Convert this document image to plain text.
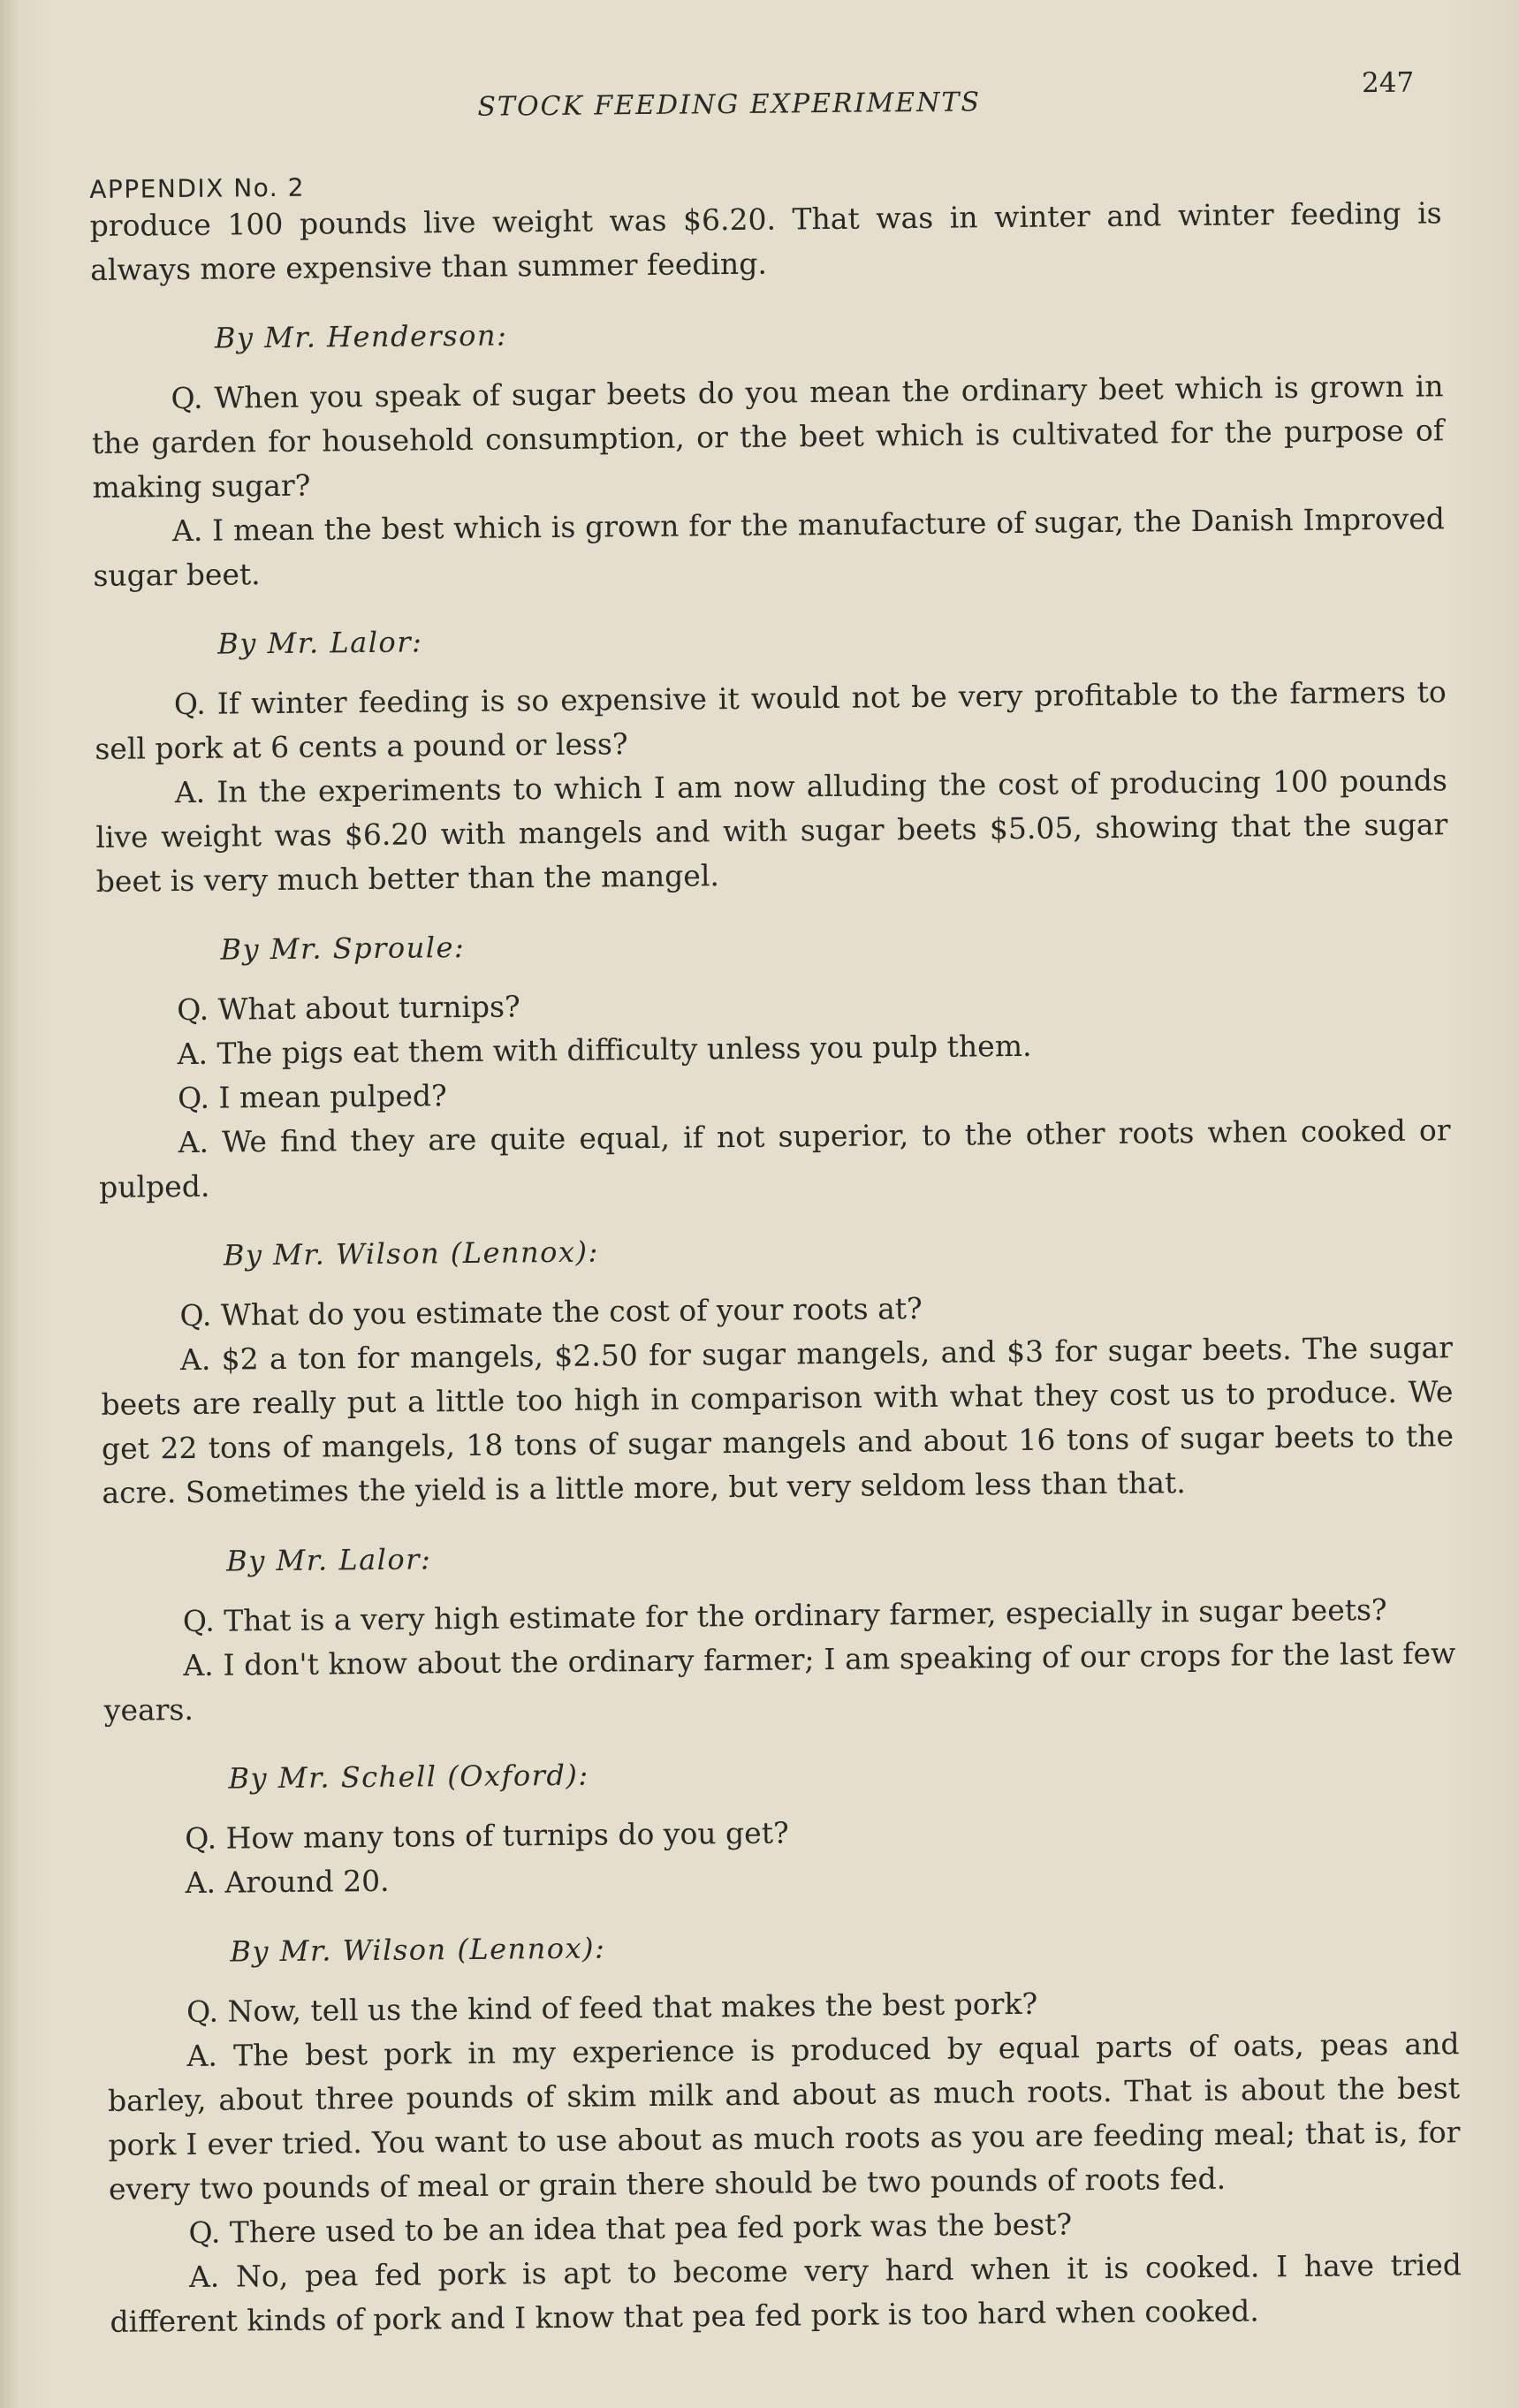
STOCK FEEDING EXPERIMENTS
247
APPENDIX No. 2

produce 100 pounds live weight was $6.20. That was in winter and winter feeding is always more expensive than summer feeding.

By Mr. Henderson:

Q. When you speak of sugar beets do you mean the ordinary beet which is grown in the garden for household consumption, or the beet which is cultivated for the purpose of making sugar?

A. I mean the best which is grown for the manufacture of sugar, the Danish Improved sugar beet.

By Mr. Lalor:

Q. If winter feeding is so expensive it would not be very profitable to the farmers to sell pork at 6 cents a pound or less?

A. In the experiments to which I am now alluding the cost of producing 100 pounds live weight was $6.20 with mangels and with sugar beets $5.05, showing that the sugar beet is very much better than the mangel.

By Mr. Sproule:

Q. What about turnips?

A. The pigs eat them with difficulty unless you pulp them.

Q. I mean pulped?

A. We find they are quite equal, if not superior, to the other roots when cooked or pulped.

By Mr. Wilson (Lennox):

Q. What do you estimate the cost of your roots at?

A. $2 a ton for mangels, $2.50 for sugar mangels, and $3 for sugar beets. The sugar beets are really put a little too high in comparison with what they cost us to produce. We get 22 tons of mangels, 18 tons of sugar mangels and about 16 tons of sugar beets to the acre. Sometimes the yield is a little more, but very seldom less than that.

By Mr. Lalor:

Q. That is a very high estimate for the ordinary farmer, especially in sugar beets?

A. I don't know about the ordinary farmer; I am speaking of our crops for the last few years.

By Mr. Schell (Oxford):

Q. How many tons of turnips do you get?

A. Around 20.

By Mr. Wilson (Lennox):

Q. Now, tell us the kind of feed that makes the best pork?

A. The best pork in my experience is produced by equal parts of oats, peas and barley, about three pounds of skim milk and about as much roots. That is about the best pork I ever tried. You want to use about as much roots as you are feeding meal; that is, for every two pounds of meal or grain there should be two pounds of roots fed.

Q. There used to be an idea that pea fed pork was the best?

A. No, pea fed pork is apt to become very hard when it is cooked. I have tried different kinds of pork and I know that pea fed pork is too hard when cooked.
